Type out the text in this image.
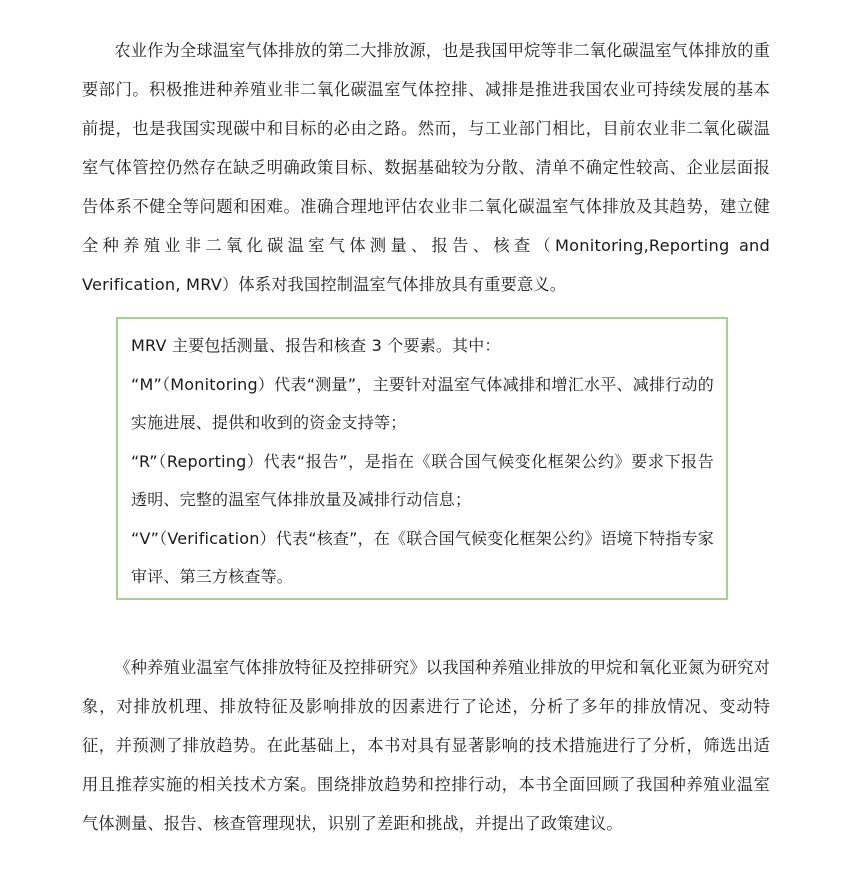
农业作为全球温室气体排放的第二大排放源，也是我国甲烷等非二氧化碳温室气体排放的重要部门。积极推进种养殖业非二氧化碳温室气体控排、减排是推进我国农业可持续发展的基本前提，也是我国实现碳中和目标的必由之路。然而，与工业部门相比，目前农业非二氧化碳温室气体管控仍然存在缺乏明确政策目标、数据基础较为分散、清单不确定性较高、企业层面报告体系不健全等问题和困难。准确合理地评估农业非二氧化碳温室气体排放及其趋势，建立健全种养殖业非二氧化碳温室气体测量、报告、核查（Monitoring,Reporting and Verification, MRV）体系对我国控制温室气体排放具有重要意义。

MRV 主要包括测量、报告和核查 3 个要素。其中：

“M”（Monitoring）代表“测量”，主要针对温室气体减排和增汇水平、减排行动的实施进展、提供和收到的资金支持等；

“R”（Reporting）代表“报告”，是指在《联合国气候变化框架公约》要求下报告透明、完整的温室气体排放量及减排行动信息；

“V”（Verification）代表“核查”，在《联合国气候变化框架公约》语境下特指专家审评、第三方核查等。

《种养殖业温室气体排放特征及控排研究》以我国种养殖业排放的甲烷和氧化亚氮为研究对象，对排放机理、排放特征及影响排放的因素进行了论述，分析了多年的排放情况、变动特征，并预测了排放趋势。在此基础上，本书对具有显著影响的技术措施进行了分析，筛选出适用且推荐实施的相关技术方案。围绕排放趋势和控排行动，本书全面回顾了我国种养殖业温室气体测量、报告、核查管理现状，识别了差距和挑战，并提出了政策建议。
